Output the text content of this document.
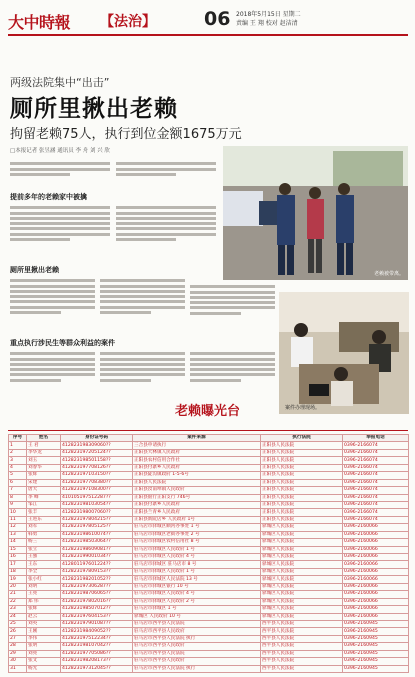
大中時報 【法治】	06 2018年5月15日 星期二
责编 王 翔 校对 赵洁清
两级法院集中“出击”
厕所里揪出老赖
拘留老赖75人，执行到位金额1675万元
□本报记者 张昱涵 通讯员 李 舟 刘 兴 欣
提前多年的老赖家中被擒
厕所里揪出老赖
重点执行涉民生等群众利益的案件
老赖被带离。
案件办理现场。
老赖曝光台
序号	姓名	身份证号码	案件来源	执行法院	举报电话
1	王 君	412823198309060??	三合县申请执行	正阳县人民法院	0396-2166074
2	李华龙	412823197205124??	正阳县大林镇人民政府	正阳县人民法院	0396-2166074
3	刘玉	412823198501158??	正阳县农村信用合作社	正阳县人民法院	0396-2166074
4	刘春华	412823197708126??	正阳县付寨乡人民政府	正阳县人民法院	0396-2166074
5	张辉	412823197103150??	正阳县陡沟镇政府 1-5-6号	正阳县人民法院	0396-2166074
6	宋建	412823197708380??	正阳县人民法院	正阳县人民法院	0396-2166074
7	唐大	412823197108300??	正阳县汝南埠镇人民政府	正阳县人民法院	0396-2166074
8	李 峰	410105197512287??	正阳县银行正阳支行 746号	正阳县人民法院	0396-2166074
9	邹江	412823198103054??	正阳县付寨乡人民政府	正阳县人民法院	0396-2166074
10	张丰	412823198007060??	正阳县兰青乡人民政府	正阳县人民法院	0396-2166074
11	王进东	412823197804215??	正阳县新阮店乡 人民政府 1号	正阳县人民法院	0396-2166074
12	刘军	412823197805125??	驻马店市驿城区顺河办事处 1 号	驿城区人民法院	0396-2160066
13	韩勇	412823198610074??	驻马店市驿城区老街办事处 2 号	驿城区人民法院	0396-2160066
14	杨三	412823198503064??	驻马店市驿城区农村信用社 8 号	驿城区人民法院	0396-2160066
15	张立	412823198609081??	驻马店市驿城区人民政府 1 号	驿城区人民法院	0396-2160066
16	王强	412823199001034??	驻马店市驿城区人民政府 4 号	驿城区人民法院	0396-2160066
17	王东	412801197601224??	驻马店市驿城区 驻马店市 8 号	驿城区人民法院	0396-2160066
18	李全	412823197809153??	驻马店市驿城区人民政府 1 号	驿城区人民法院	0396-2160066
19	张小红	412823198201052??	驻马店市驿城区人民法院 13 号	驿城区人民法院	0396-2160066
20	刘明	412823197306287??	驻马店市驿城区银行 10 号	驿城区人民法院	0396-2160066
21	王亮	412823198706065??	驻马店市驿城区人民政府 4 号	驿城区人民法院	0396-2160066
22	郑 伟	412823197802016??	驻马店市驿城区人民政府 2 号	驿城区人民法院	0396-2160066
23	张辉	412823198507012??	驻马店市驿城区 1 号	驿城区人民法院	0396-2160066
24	赵云	412823197604153??	驿城区 人民政府 10 号	驿城区人民法院	0396-2160066
25	刘英	412823197901087??	驻马店市西平县人民法院	西平县人民法院	0396-2160945
26	王刚	412823198409052??	驻马店市西平县人民政府	西平县人民法院	0396-2160945
27	李伟	412823197512234??	驻马店市西平县人民法院 执行	西平县人民法院	0396-2160945
28	张明	412823198107042??	驻马店市西平县人民政府	西平县人民法院	0396-2160945
29	刘亮	412823197705086??	驻马店市西平县人民法院	西平县人民法院	0396-2160945
30	张文	412823198208173??	驻马店市西平县人民政府	西平县人民法院	0396-2160945
31	杨光	412823197312045??	驻马店市西平县人民法院 执行	西平县人民法院	0396-2160945
